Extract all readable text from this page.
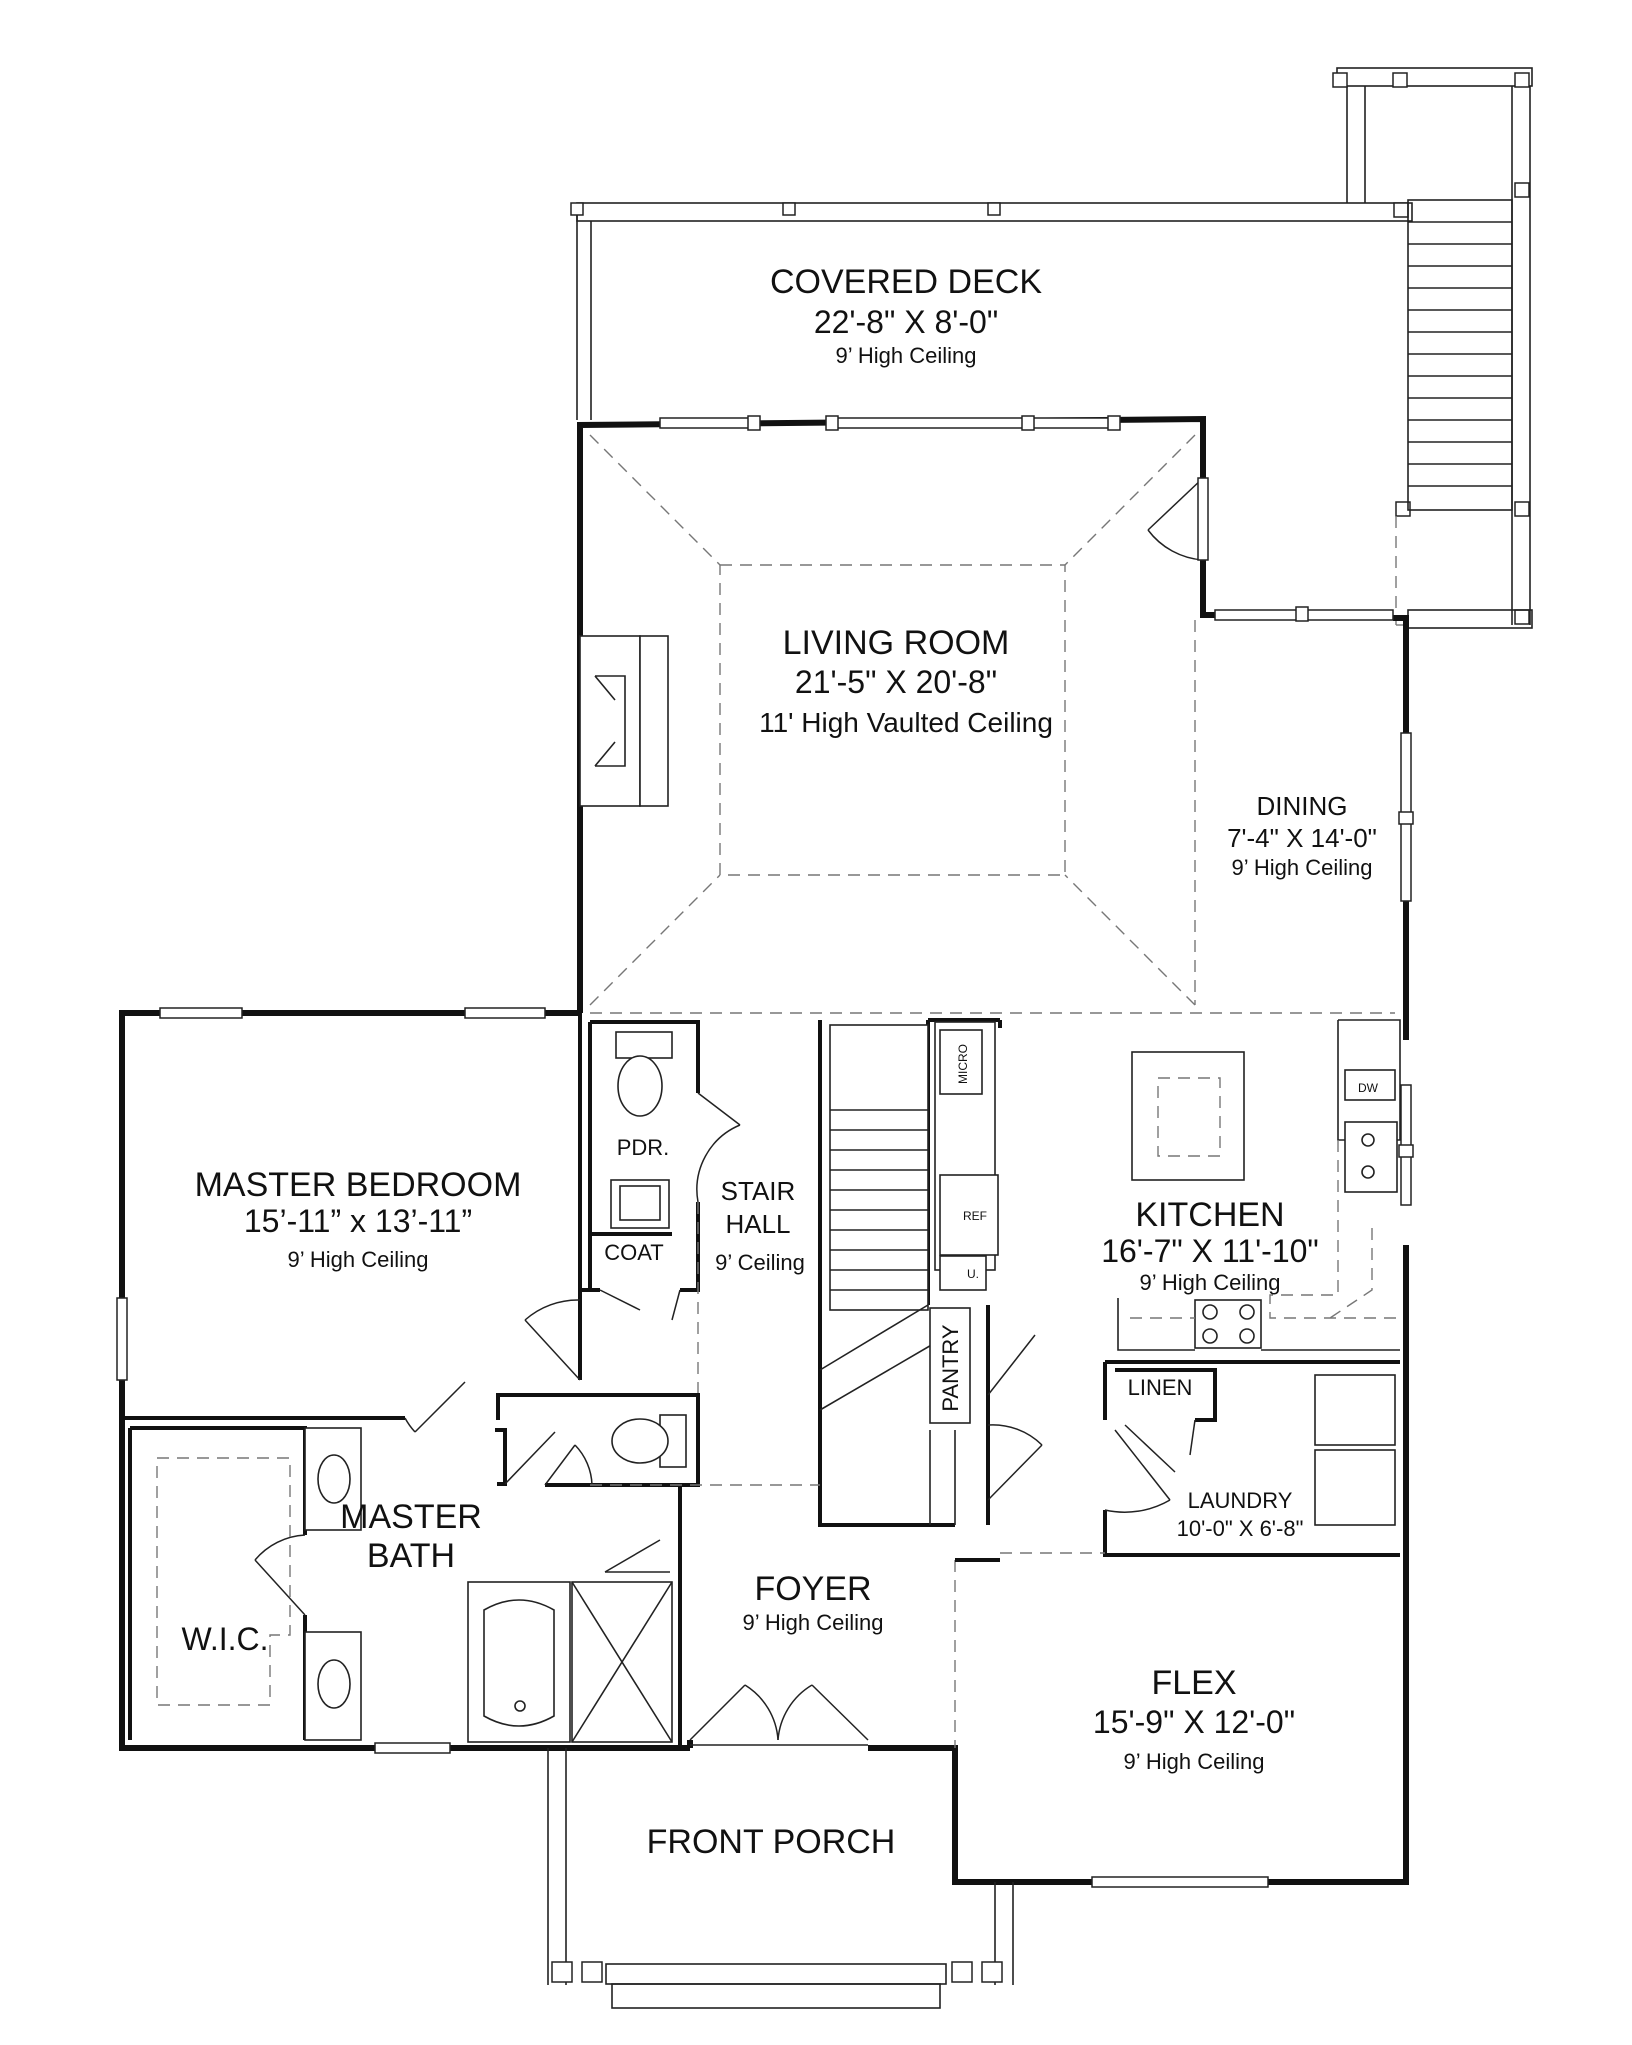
COVERED DECK
22'-8" X 8'-0"
9’ High Ceiling
LIVING ROOM
21'-5" X 20'-8"
11' High Vaulted Ceiling
DINING
7'-4" X 14'-0"
9’ High Ceiling
MASTER BEDROOM
15’-11” x 13’-11”
9’ High Ceiling
PDR.
COAT
STAIR
HALL
9’ Ceiling
KITCHEN
16'-7" X 11'-10"
9’ High Ceiling
PANTRY	LINEN
LAUNDRY
10'-0" X 6'-8"
MASTER
BATH
W.I.C.
FOYER
9’ High Ceiling
FLEX
15'-9" X 12'-0"
9’ High Ceiling
FRONT PORCH
MICRO
REF
DW
U.
